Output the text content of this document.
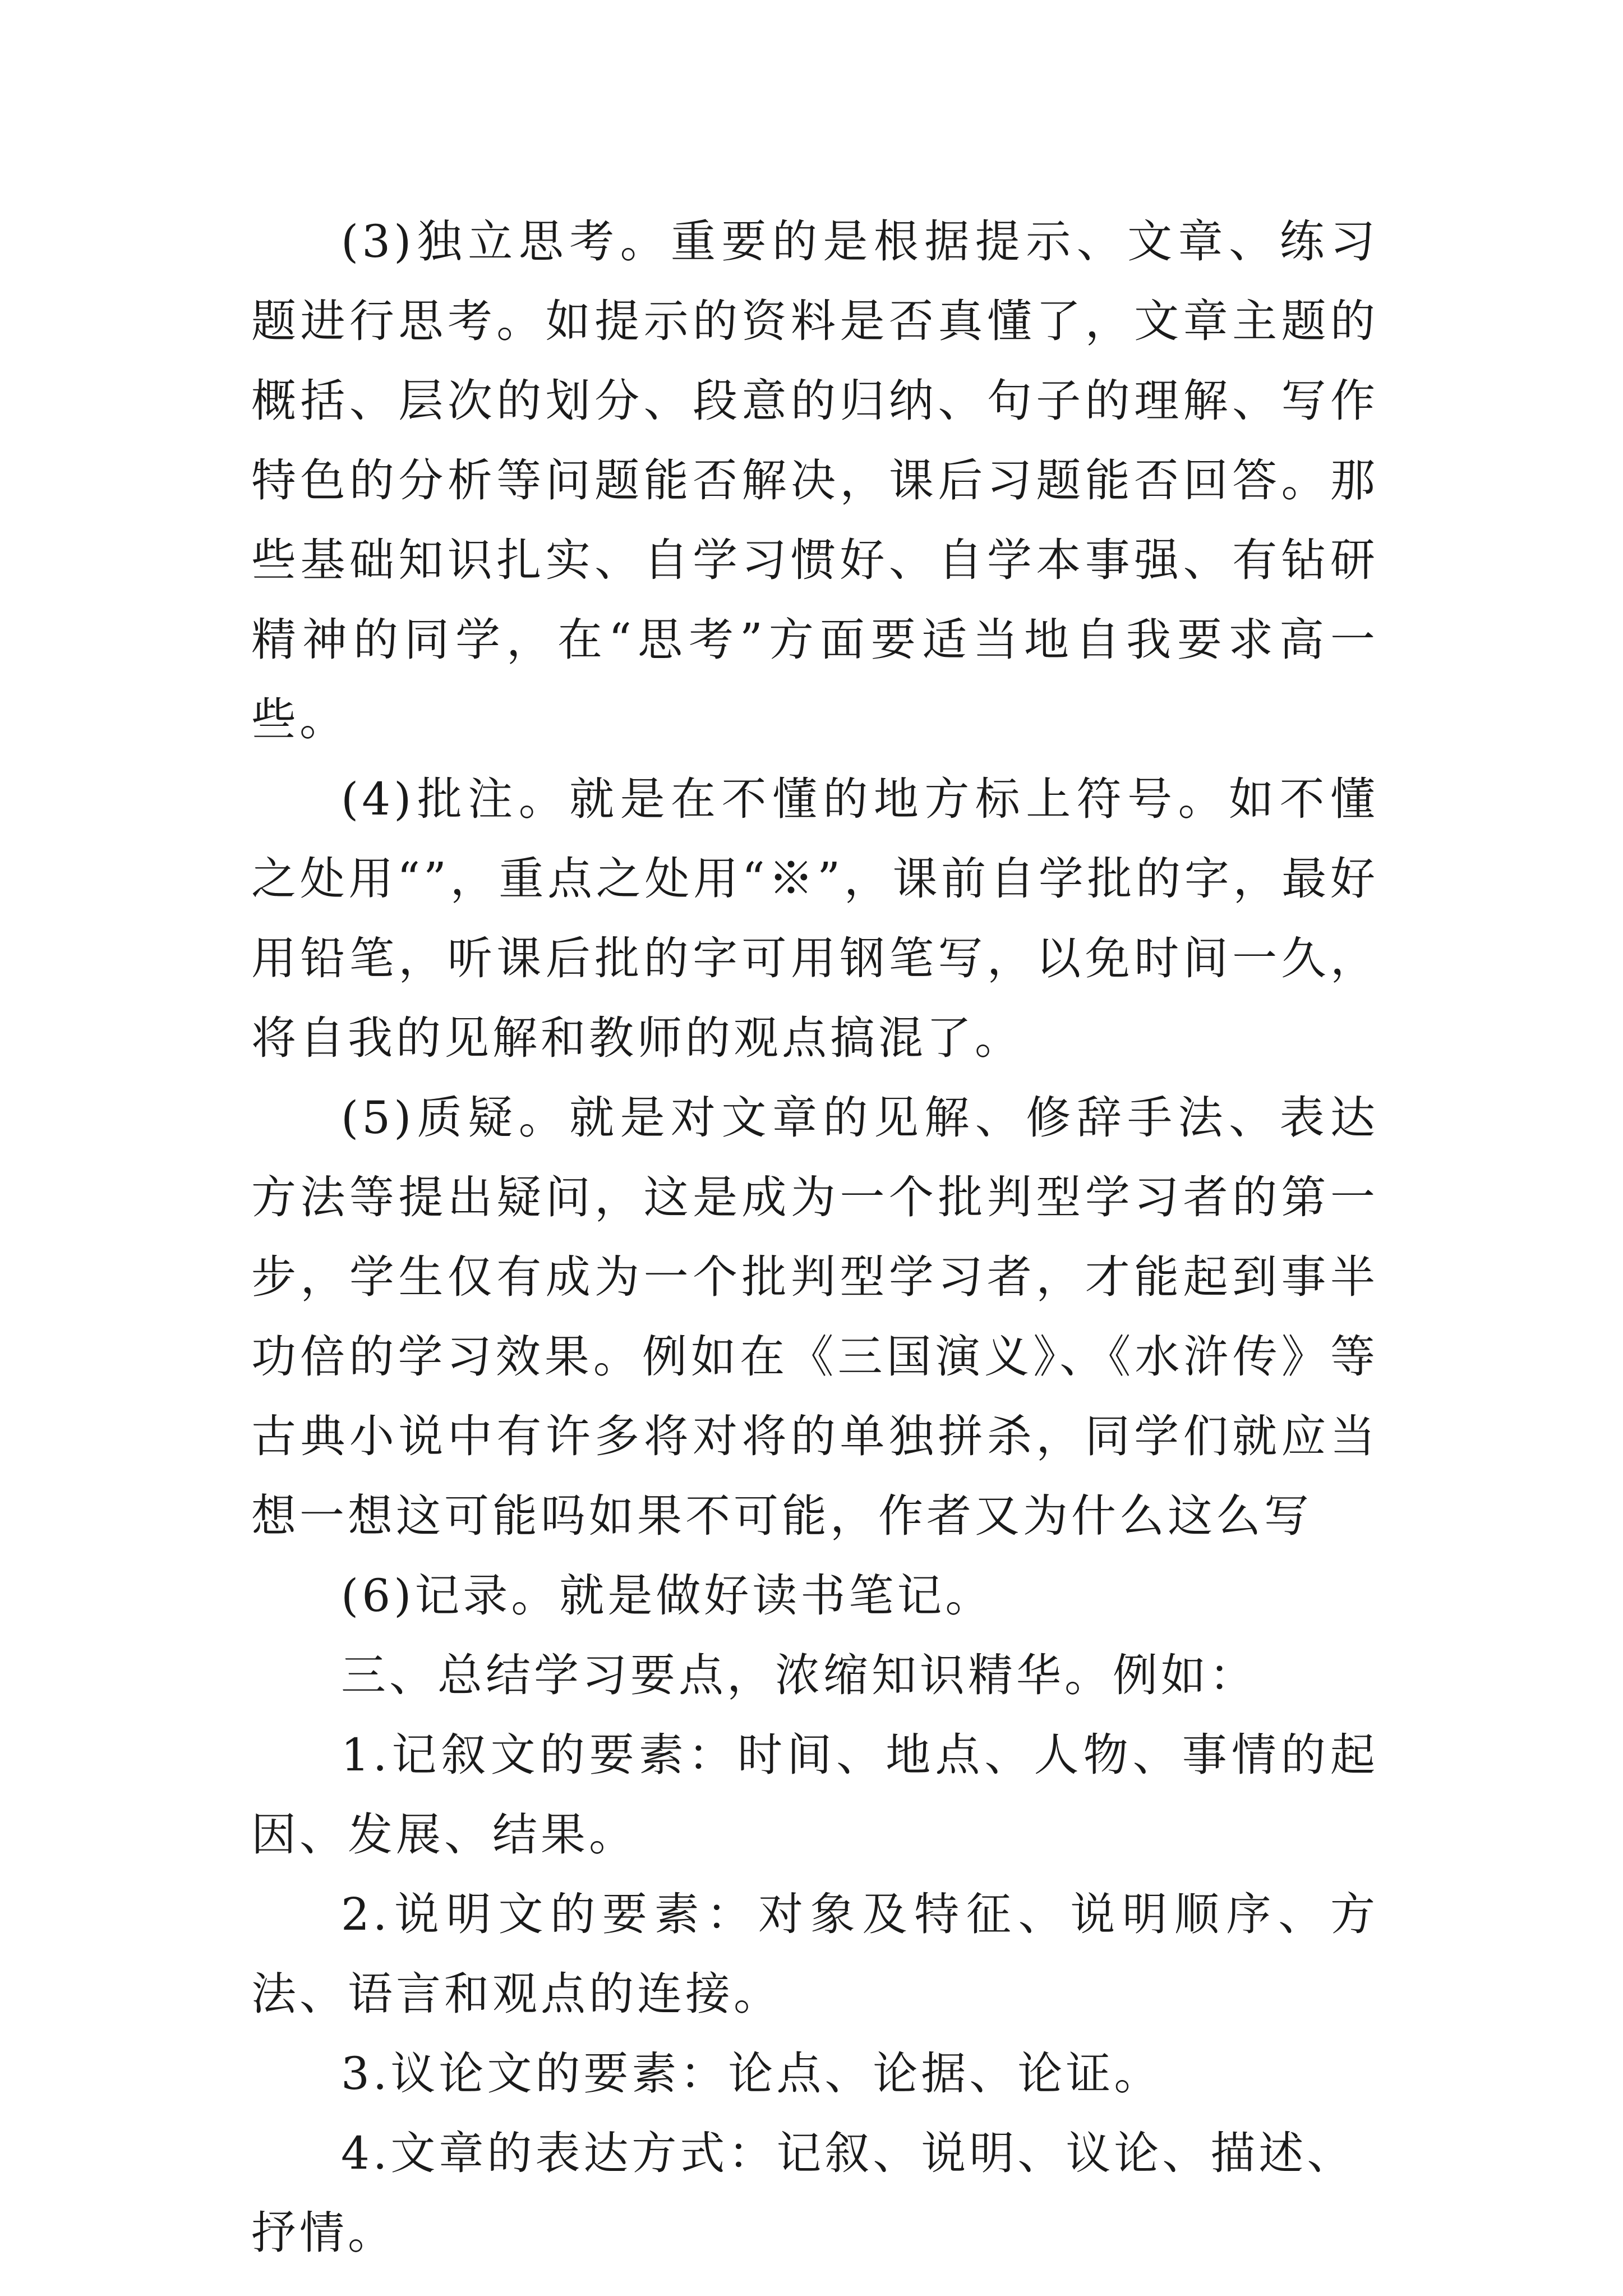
(3)独立思考。重要的是根据提示、文章、练习题进行思考。如提示的资料是否真懂了，文章主题的概括、层次的划分、段意的归纳、句子的理解、写作特色的分析等问题能否解决，课后习题能否回答。那些基础知识扎实、自学习惯好、自学本事强、有钻研精神的同学，在“思考”方面要适当地自我要求高一些。

(4)批注。就是在不懂的地方标上符号。如不懂之处用“”，重点之处用“※”，课前自学批的字，最好用铅笔，听课后批的字可用钢笔写，以免时间一久，将自我的见解和教师的观点搞混了。

(5)质疑。就是对文章的见解、修辞手法、表达方法等提出疑问，这是成为一个批判型学习者的第一步，学生仅有成为一个批判型学习者，才能起到事半功倍的学习效果。例如在《三国演义》、《水浒传》等古典小说中有许多将对将的单独拼杀，同学们就应当想一想这可能吗如果不可能，作者又为什么这么写

(6)记录。就是做好读书笔记。

三、总结学习要点，浓缩知识精华。例如：

1.记叙文的要素：时间、地点、人物、事情的起因、发展、结果。

2.说明文的要素：对象及特征、说明顺序、方法、语言和观点的连接。

3.议论文的要素：论点、论据、论证。

4.文章的表达方式：记叙、说明、议论、描述、抒情。
